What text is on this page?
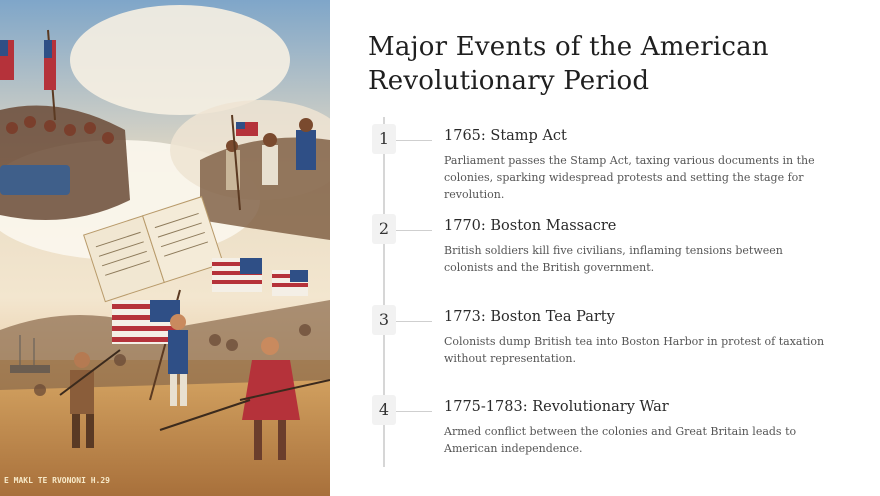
E MAKL TE RVONONI H.29
Major Events of the American Revolutionary Period
1	1765: Stamp Act
Parliament passes the Stamp Act, taxing various documents in the colonies, sparking widespread protests and setting the stage for revolution.
2	1770: Boston Massacre
British soldiers kill five civilians, inflaming tensions between colonists and the British government.
3	1773: Boston Tea Party
Colonists dump British tea into Boston Harbor in protest of taxation without representation.
4	1775-1783: Revolutionary War
Armed conflict between the colonies and Great Britain leads to American independence.
